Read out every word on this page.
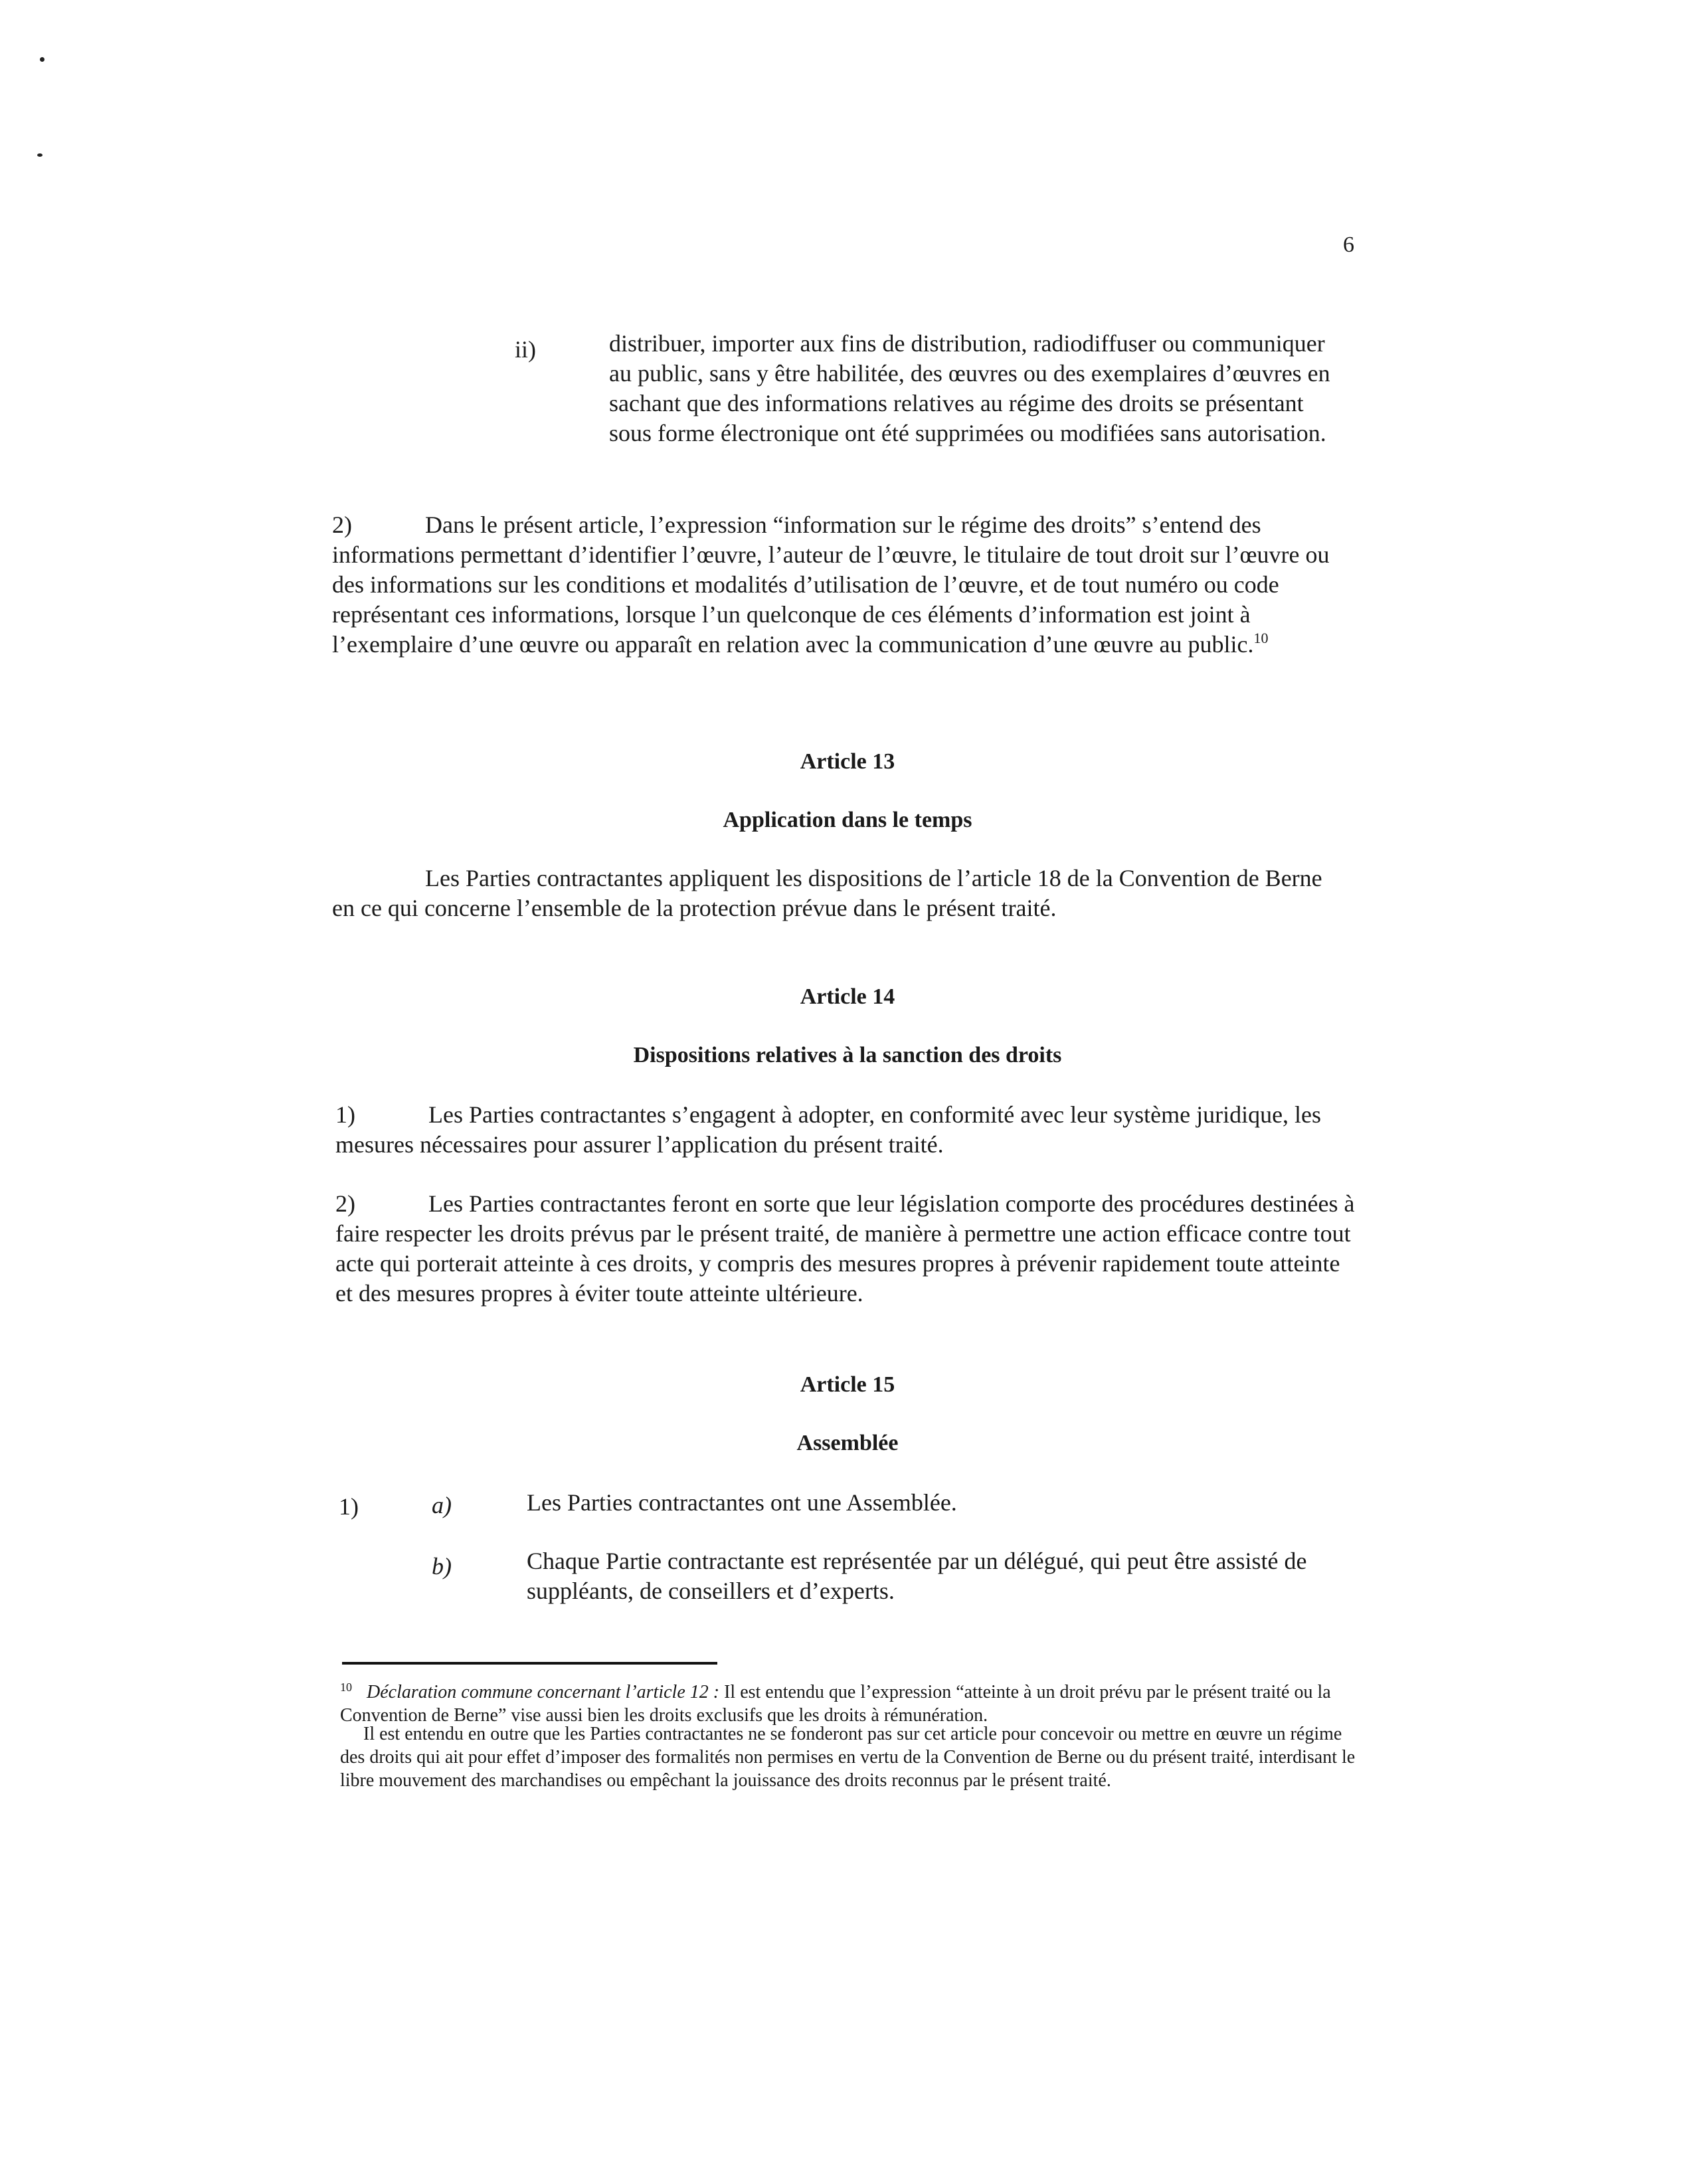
6
ii)	distribuer, importer aux fins de distribution, radiodiffuser ou communiquer au public, sans y être habilitée, des œuvres ou des exemplaires d’œuvres en sachant que des informations relatives au régime des droits se présentant sous forme électronique ont été supprimées ou modifiées sans autorisation.
2)	Dans le présent article, l’expression “information sur le régime des droits” s’entend des informations permettant d’identifier l’œuvre, l’auteur de l’œuvre, le titulaire de tout droit sur l’œuvre ou des informations sur les conditions et modalités d’utilisation de l’œuvre, et de tout numéro ou code représentant ces informations, lorsque l’un quelconque de ces éléments d’information est joint à l’exemplaire d’une œuvre ou apparaît en relation avec la communication d’une œuvre au public.$^{10}$
Article 13
Application dans le temps
Les Parties contractantes appliquent les dispositions de l’article 18 de la Convention de Berne en ce qui concerne l’ensemble de la protection prévue dans le présent traité.
Article 14
Dispositions relatives à la sanction des droits
1)	Les Parties contractantes s’engagent à adopter, en conformité avec leur système juridique, les mesures nécessaires pour assurer l’application du présent traité.
2)	Les Parties contractantes feront en sorte que leur législation comporte des procédures destinées à faire respecter les droits prévus par le présent traité, de manière à permettre une action efficace contre tout acte qui porterait atteinte à ces droits, y compris des mesures propres à prévenir rapidement toute atteinte et des mesures propres à éviter toute atteinte ultérieure.
Article 15
Assemblée
1)	a)	Les Parties contractantes ont une Assemblée.
b)	Chaque Partie contractante est représentée par un délégué, qui peut être assisté de suppléants, de conseillers et d’experts.
$^{10}$ Déclaration commune concernant l’article 12 : Il est entendu que l’expression “atteinte à un droit prévu par le présent traité ou la Convention de Berne” vise aussi bien les droits exclusifs que les droits à rémunération.
Il est entendu en outre que les Parties contractantes ne se fonderont pas sur cet article pour concevoir ou mettre en œuvre un régime des droits qui ait pour effet d’imposer des formalités non permises en vertu de la Convention de Berne ou du présent traité, interdisant le libre mouvement des marchandises ou empêchant la jouissance des droits reconnus par le présent traité.
